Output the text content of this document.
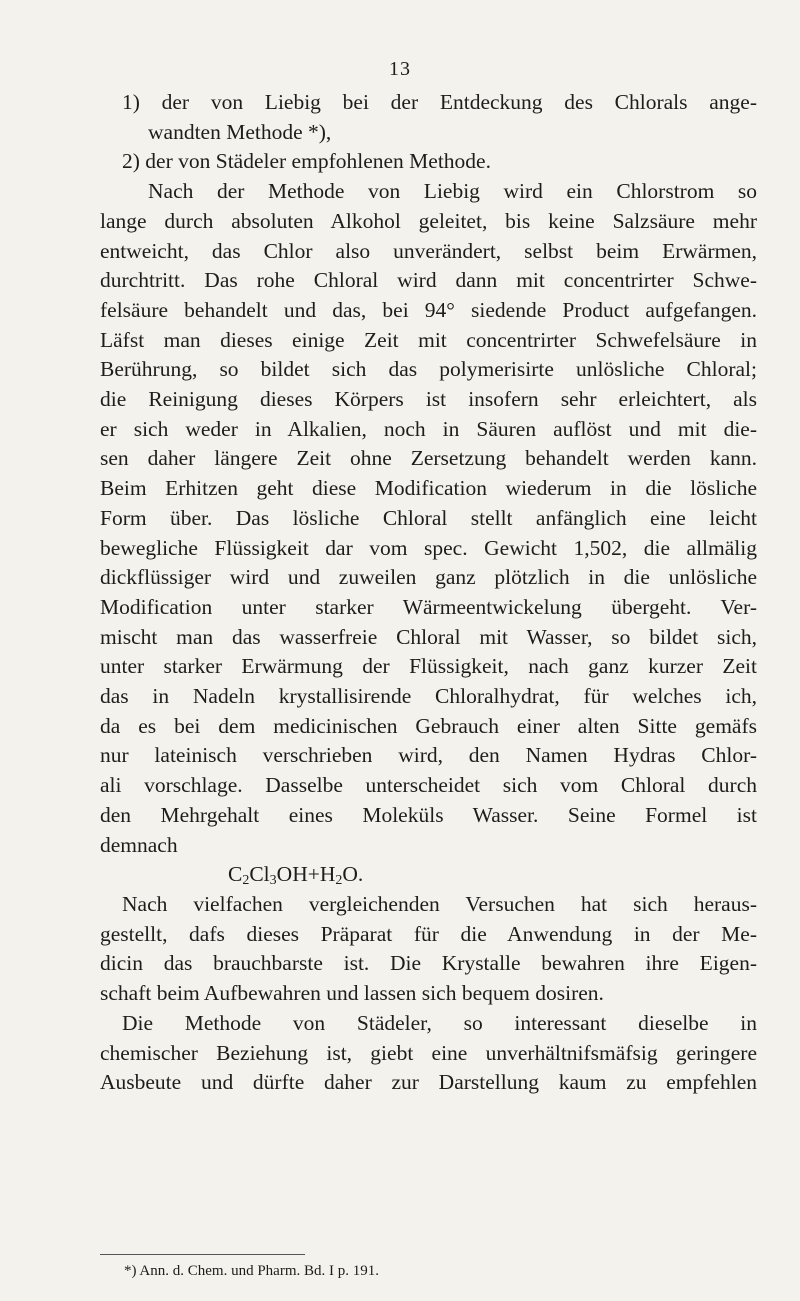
13
1) der von Liebig bei der Entdeckung des Chlorals ange-
wandten Methode *),
2) der von Städeler empfohlenen Methode.
Nach der Methode von Liebig wird ein Chlorstrom so
lange durch absoluten Alkohol geleitet, bis keine Salzsäure mehr
entweicht, das Chlor also unverändert, selbst beim Erwärmen,
durchtritt. Das rohe Chloral wird dann mit concentrirter Schwe-
felsäure behandelt und das, bei 94° siedende Product aufgefangen.
Läfst man dieses einige Zeit mit concentrirter Schwefelsäure in
Berührung, so bildet sich das polymerisirte unlösliche Chloral;
die Reinigung dieses Körpers ist insofern sehr erleichtert, als
er sich weder in Alkalien, noch in Säuren auflöst und mit die-
sen daher längere Zeit ohne Zersetzung behandelt werden kann.
Beim Erhitzen geht diese Modification wiederum in die lösliche
Form über. Das lösliche Chloral stellt anfänglich eine leicht
bewegliche Flüssigkeit dar vom spec. Gewicht 1,502, die allmälig
dickflüssiger wird und zuweilen ganz plötzlich in die unlösliche
Modification unter starker Wärmeentwickelung übergeht. Ver-
mischt man das wasserfreie Chloral mit Wasser, so bildet sich,
unter starker Erwärmung der Flüssigkeit, nach ganz kurzer Zeit
das in Nadeln krystallisirende Chloralhydrat, für welches ich,
da es bei dem medicinischen Gebrauch einer alten Sitte gemäfs
nur lateinisch verschrieben wird, den Namen Hydras Chlor-
ali vorschlage. Dasselbe unterscheidet sich vom Chloral durch
den Mehrgehalt eines Moleküls Wasser. Seine Formel ist
demnach
$C_2Cl_3OH+H_2O$.
Nach vielfachen vergleichenden Versuchen hat sich heraus-
gestellt, dafs dieses Präparat für die Anwendung in der Me-
dicin das brauchbarste ist. Die Krystalle bewahren ihre Eigen-
schaft beim Aufbewahren und lassen sich bequem dosiren.
Die Methode von Städeler, so interessant dieselbe in
chemischer Beziehung ist, giebt eine unverhältnifsmäfsig geringere
Ausbeute und dürfte daher zur Darstellung kaum zu empfehlen
*) Ann. d. Chem. und Pharm. Bd. I p. 191.
